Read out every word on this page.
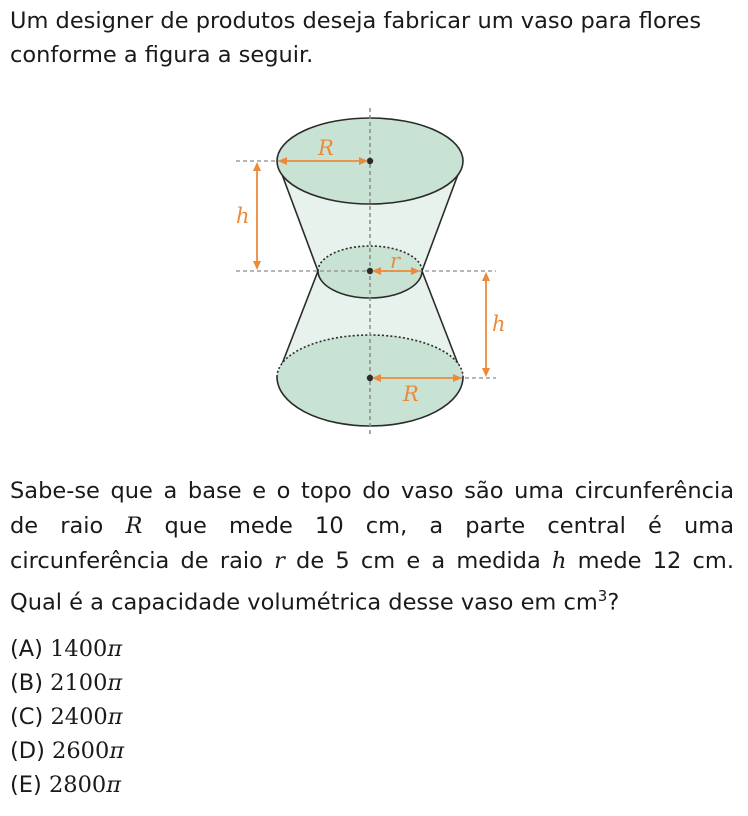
Um designer de produtos deseja fabricar um vaso para flores conforme a figura a seguir.

R
h
r
h
R
Sabe-se que a base e o topo do vaso são uma circunferência
de raio R que mede 10 cm, a parte central é uma
circunferência de raio r de 5 cm e a medida h mede 12 cm.
Qual é a capacidade volumétrica desse vaso em $cm^3$?
(A) 1400π
(B) 2100π
(C) 2400π
(D) 2600π
(E) 2800π
